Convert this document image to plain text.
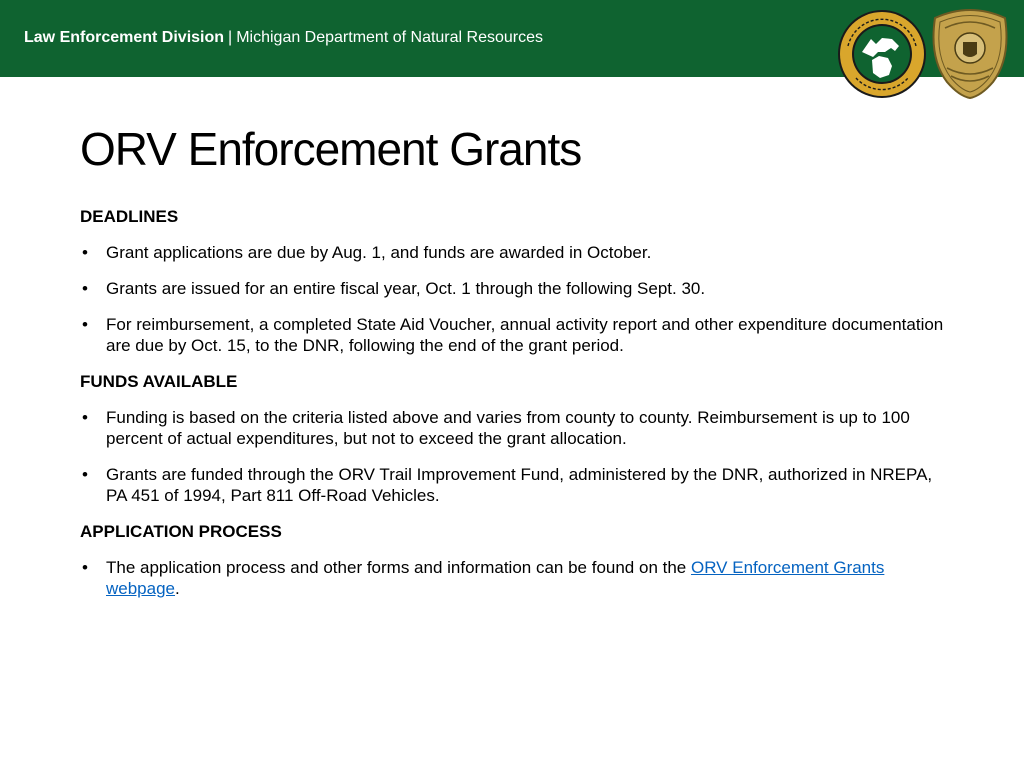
Law Enforcement Division | Michigan Department of Natural Resources
ORV Enforcement Grants
DEADLINES
• Grant applications are due by Aug. 1, and funds are awarded in October.
• Grants are issued for an entire fiscal year, Oct. 1 through the following Sept. 30.
• For reimbursement, a completed State Aid Voucher, annual activity report and other expenditure documentation are due by Oct. 15, to the DNR, following the end of the grant period.
FUNDS AVAILABLE
• Funding is based on the criteria listed above and varies from county to county. Reimbursement is up to 100 percent of actual expenditures, but not to exceed the grant allocation.
• Grants are funded through the ORV Trail Improvement Fund, administered by the DNR, authorized in NREPA, PA 451 of 1994, Part 811 Off-Road Vehicles.
APPLICATION PROCESS
• The application process and other forms and information can be found on the ORV Enforcement Grants webpage.
